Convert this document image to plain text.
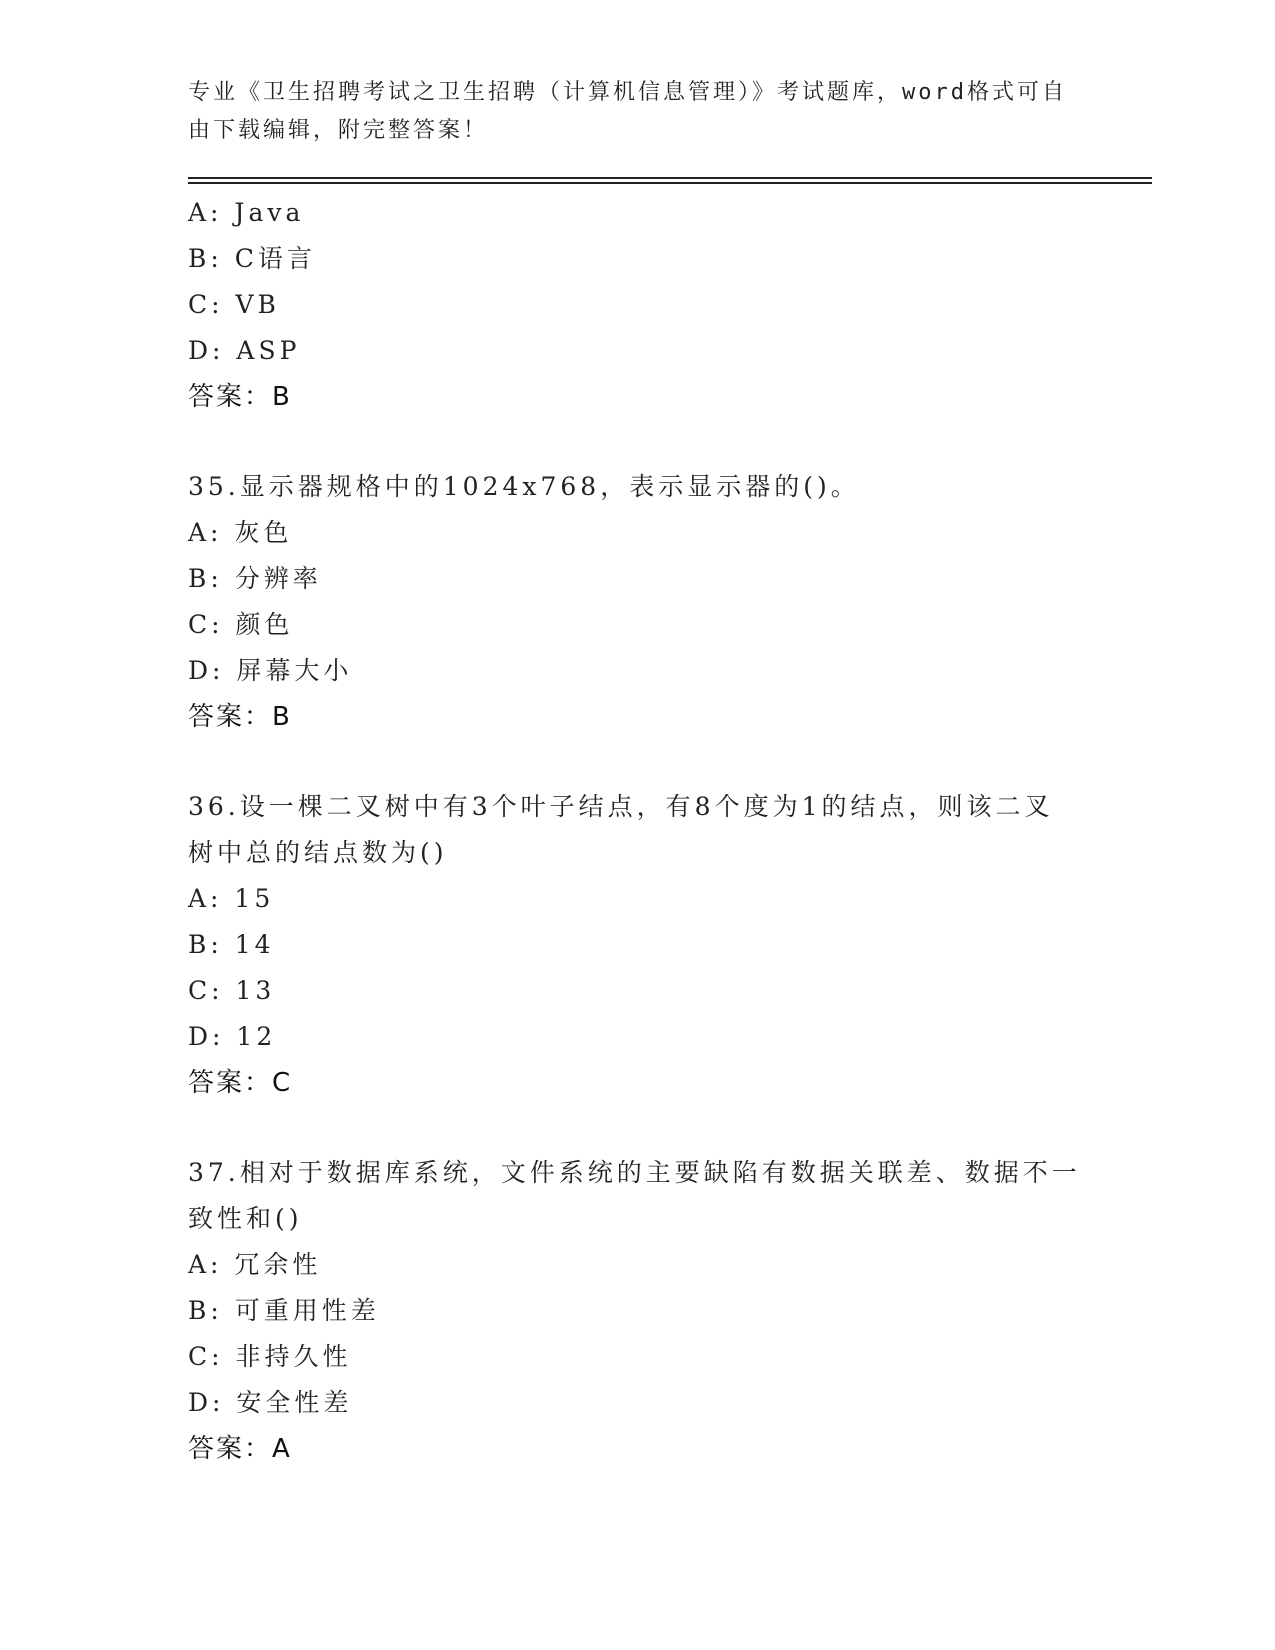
专业《卫生招聘考试之卫生招聘（计算机信息管理）》考试题库，word格式可自
由下载编辑，附完整答案！
A: Java
B: C语言
C: VB
D: ASP
答案：B
35.显示器规格中的1024x768，表示显示器的()。
A: 灰色
B: 分辨率
C: 颜色
D: 屏幕大小
答案：B
36.设一棵二叉树中有3个叶子结点，有8个度为1的结点，则该二叉
树中总的结点数为()
A: 15
B: 14
C: 13
D: 12
答案：C
37.相对于数据库系统，文件系统的主要缺陷有数据关联差、数据不一
致性和()
A: 冗余性
B: 可重用性差
C: 非持久性
D: 安全性差
答案：A
